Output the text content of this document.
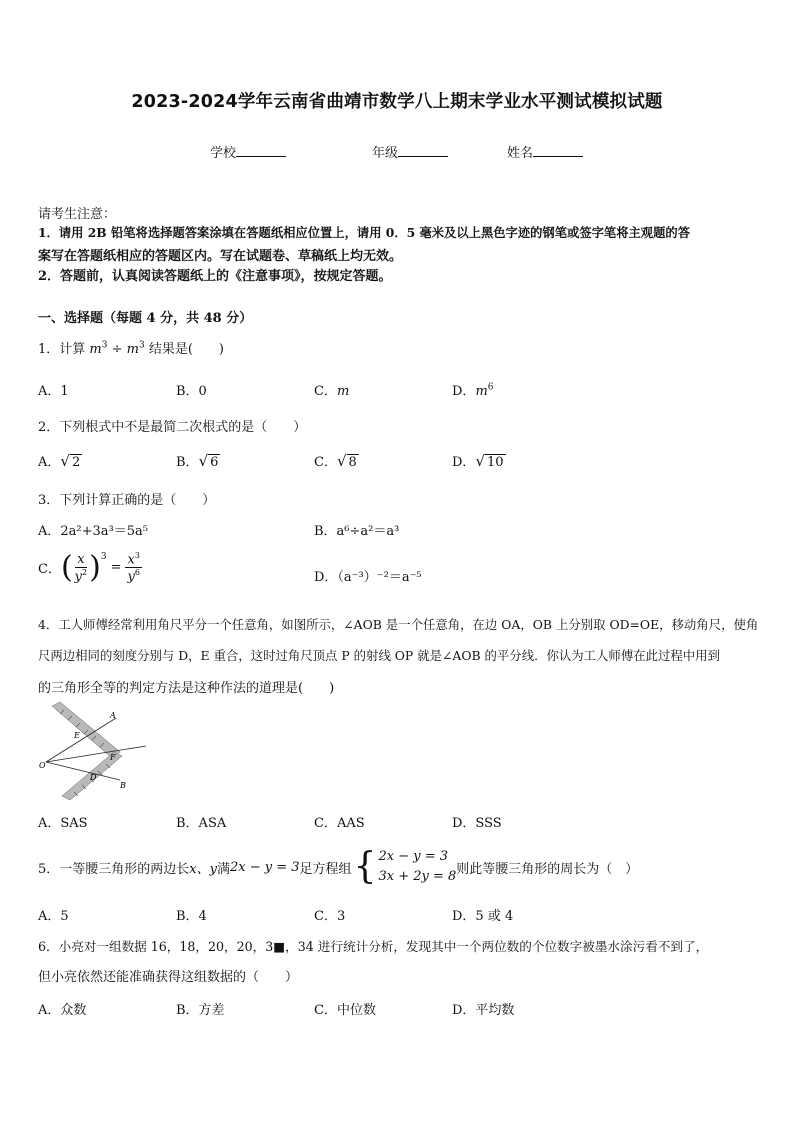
2023-2024学年云南省曲靖市数学八上期末学业水平测试模拟试题
学校	年级	姓名
请考生注意：
1．请用 2B 铅笔将选择题答案涂填在答题纸相应位置上，请用 0．5 毫米及以上黑色字迹的钢笔或签字笔将主观题的答
案写在答题纸相应的答题区内。写在试题卷、草稿纸上均无效。
2．答题前，认真阅读答题纸上的《注意事项》，按规定答题。
一、选择题（每题 4 分，共 48 分）
1．计算 $m^3 \div m^3$ 结果是(　　)
A．1	B．0	C．m	D．$m^6$
2．下列根式中不是最简二次根式的是（　　）
A．√ 2	B．√ 6	C．√ 8	D．√ 10
3．下列计算正确的是（　　）
A．2a²+3a³＝5a⁵	B．a⁶÷a²＝a³
C． ( $\frac{x}{y^2} )^3$
= $\frac{x^3}{y^6}$	D．（a⁻³）⁻²＝a⁻⁵
4．工人师傅经常利用角尺平分一个任意角，如图所示，∠AOB 是一个任意角，在边 OA，OB 上分别取 OD=OE，移动角尺，使角
尺两边相同的刻度分别与 D，E 重合，这时过角尺顶点 P 的射线 OP 就是∠AOB 的平分线．你认为工人师傅在此过程中用到
的三角形全等的判定方法是这种作法的道理是(　　)
A
E
F
O
D
B
A．SAS	B．ASA	C．AAS	D．SSS
5．一等腰三角形的两边长 x、y 满 2x − y = 3 足方程组 { 2x − y = 3
3x + 2y = 8 则此等腰三角形的周长为（　）
A．5	B．4	C．3	D．5 或 4
6．小亮对一组数据 16，18，20，20，3■，34 进行统计分析，发现其中一个两位数的个位数字被墨水涂污看不到了，
但小亮依然还能准确获得这组数据的（　　）
A．众数	B．方差	C．中位数	D．平均数
